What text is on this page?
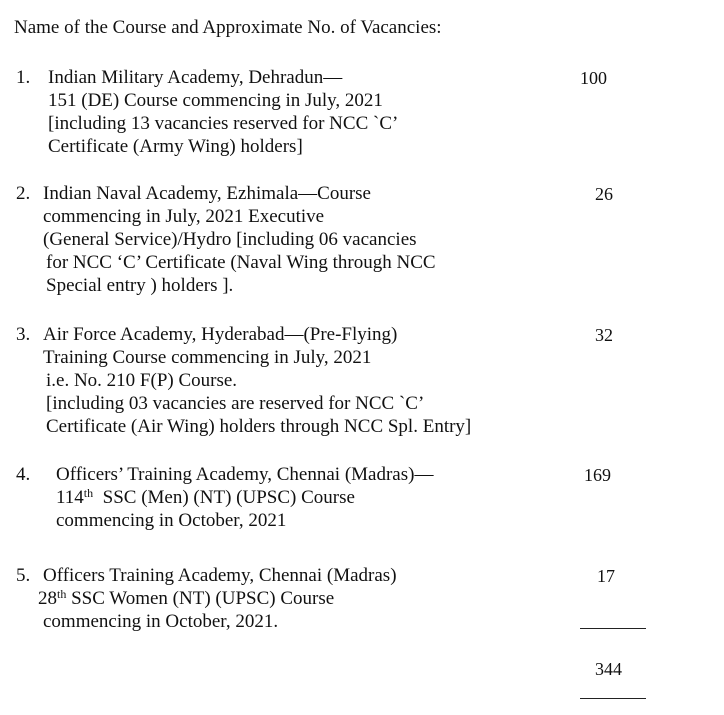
Name of the Course and Approximate No. of Vacancies:
1. Indian Military Academy, Dehradun—
151 (DE) Course commencing in July, 2021
[including 13 vacancies reserved for NCC `C’
Certificate (Army Wing) holders]
100
2. Indian Naval Academy, Ezhimala—Course
commencing in July, 2021 Executive
(General Service)/Hydro [including 06 vacancies
for NCC ‘C’ Certificate (Naval Wing through NCC
Special entry ) holders ].
26
3. Air Force Academy, Hyderabad—(Pre-Flying)
Training Course commencing in July, 2021
i.e. No. 210 F(P) Course.
[including 03 vacancies are reserved for NCC `C’
Certificate (Air Wing) holders through NCC Spl. Entry]
32
4. Officers’ Training Academy, Chennai (Madras)—
114th  SSC (Men) (NT) (UPSC) Course
commencing in October, 2021
169
5. Officers Training Academy, Chennai (Madras)
28th SSC Women (NT) (UPSC) Course
commencing in October, 2021.
17
344
